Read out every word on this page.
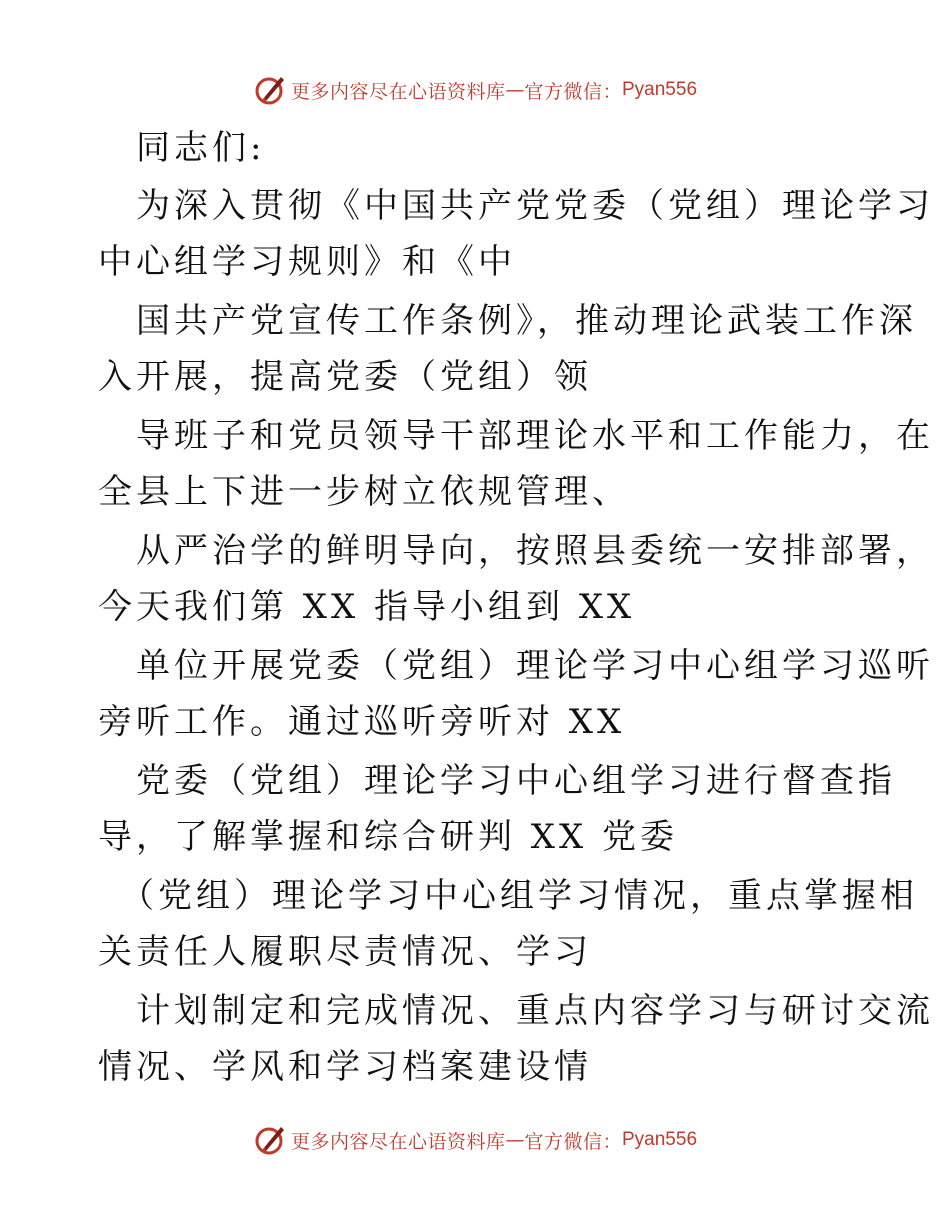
更多内容尽在心语资料库 — 官方微信： Pyan556
同志们:
为深入贯彻《中国共产党党委（党组）理论学习
中心组学习规则》和《中
国共产党宣传工作条例》，推动理论武装工作深
入开展，提高党委（党组）领
导班子和党员领导干部理论水平和工作能力，在
全县上下进一步树立依规管理、
从严治学的鲜明导向，按照县委统一安排部署，
今天我们第 XX 指导小组到 XX
单位开展党委（党组）理论学习中心组学习巡听
旁听工作。通过巡听旁听对 XX
党委（党组）理论学习中心组学习进行督查指
导，了解掌握和综合研判 XX 党委
（党组）理论学习中心组学习情况，重点掌握相
关责任人履职尽责情况、学习
计划制定和完成情况、重点内容学习与研讨交流
情况、学风和学习档案建设情
更多内容尽在心语资料库 — 官方微信： Pyan556
